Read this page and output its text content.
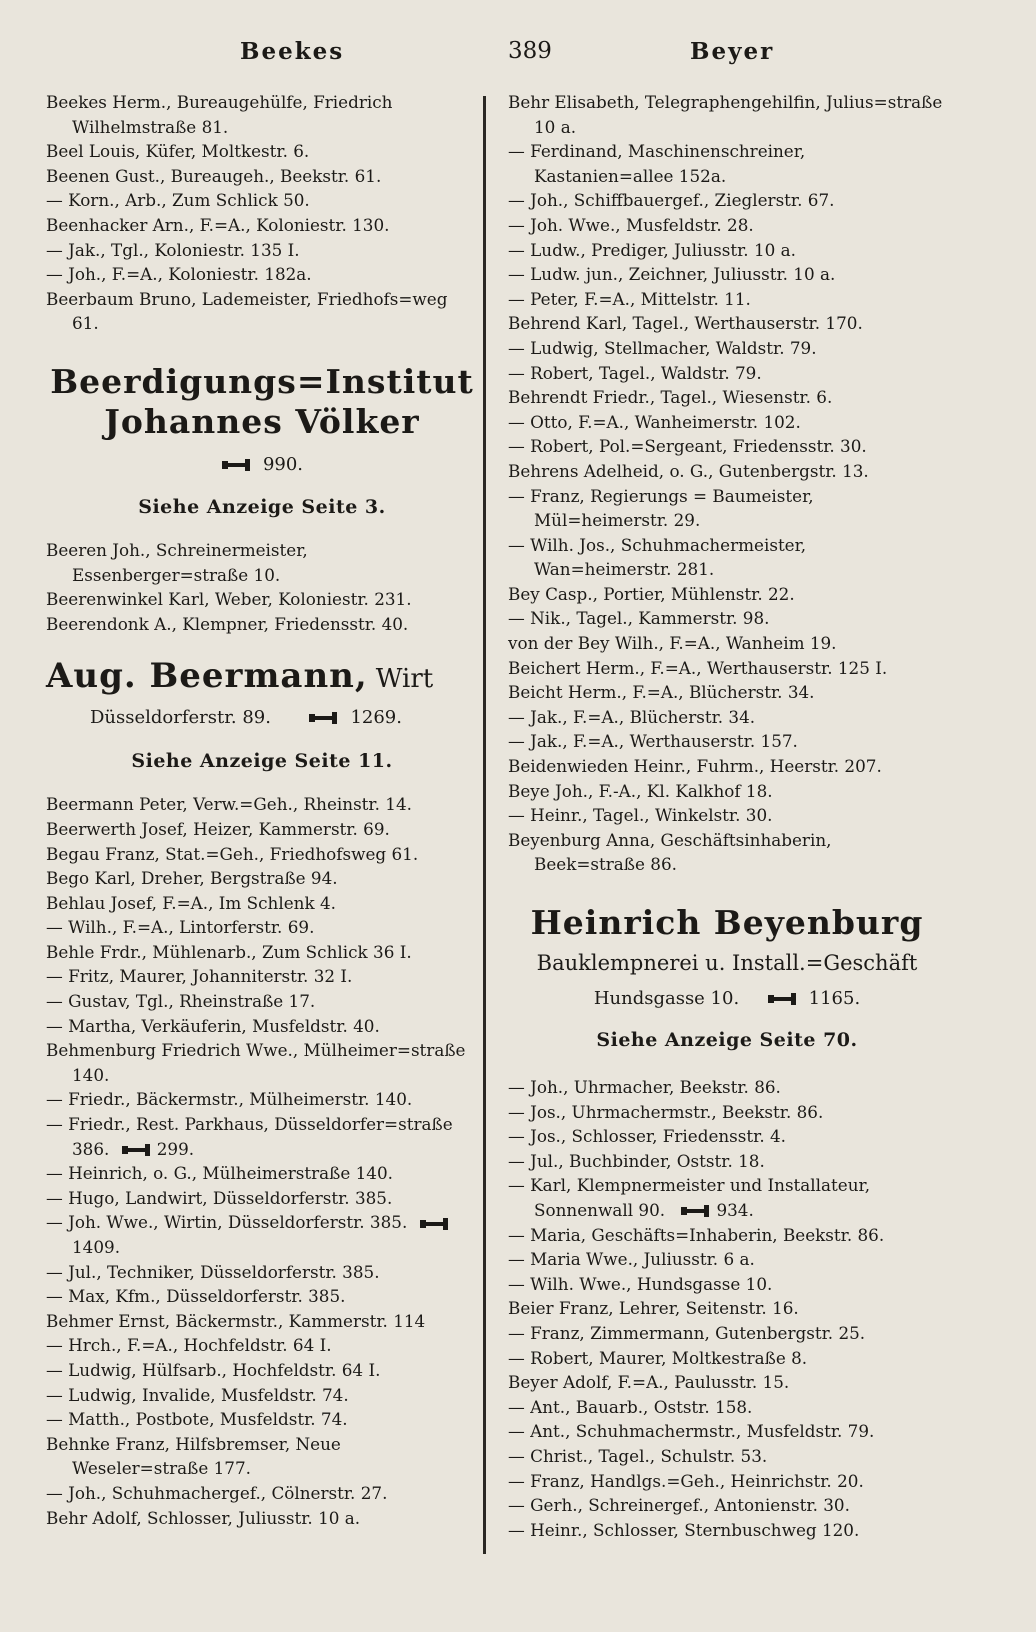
Beekes	389	Beyer
Beekes Herm., Bureaugehülfe, Friedrich Wilhelmstraße 81.
Beel Louis, Küfer, Moltkestr. 6.
Beenen Gust., Bureaugeh., Beekstr. 61.
— Korn., Arb., Zum Schlick 50.
Beenhacker Arn., F.=A., Koloniestr. 130.
— Jak., Tgl., Koloniestr. 135 I.
— Joh., F.=A., Koloniestr. 182a.
Beerbaum Bruno, Lademeister, Friedhofs=weg 61.
Beerdigungs=Institut
Johannes Völker
990.
Siehe Anzeige Seite 3.
Beeren Joh., Schreinermeister, Essenberger=straße 10.
Beerenwinkel Karl, Weber, Koloniestr. 231.
Beerendonk A., Klempner, Friedensstr. 40.
Aug. Beermann, Wirt
Düsseldorferstr. 89.	1269.
Siehe Anzeige Seite 11.
Beermann Peter, Verw.=Geh., Rheinstr. 14.
Beerwerth Josef, Heizer, Kammerstr. 69.
Begau Franz, Stat.=Geh., Friedhofsweg 61.
Bego Karl, Dreher, Bergstraße 94.
Behlau Josef, F.=A., Im Schlenk 4.
— Wilh., F.=A., Lintorferstr. 69.
Behle Frdr., Mühlenarb., Zum Schlick 36 I.
— Fritz, Maurer, Johanniterstr. 32 I.
— Gustav, Tgl., Rheinstraße 17.
— Martha, Verkäuferin, Musfeldstr. 40.
Behmenburg Friedrich Wwe., Mülheimer=straße 140.
— Friedr., Bäckermstr., Mülheimerstr. 140.
— Friedr., Rest. Parkhaus, Düsseldorfer=straße 386.	299.
— Heinrich, o. G., Mülheimerstraße 140.
— Hugo, Landwirt, Düsseldorferstr. 385.
— Joh. Wwe., Wirtin, Düsseldorferstr. 385. 1409.
— Jul., Techniker, Düsseldorferstr. 385.
— Max, Kfm., Düsseldorferstr. 385.
Behmer Ernst, Bäckermstr., Kammerstr. 114
— Hrch., F.=A., Hochfeldstr. 64 I.
— Ludwig, Hülfsarb., Hochfeldstr. 64 I.
— Ludwig, Invalide, Musfeldstr. 74.
— Matth., Postbote, Musfeldstr. 74.
Behnke Franz, Hilfsbremser, Neue Weseler=straße 177.
— Joh., Schuhmachergef., Cölnerstr. 27.
Behr Adolf, Schlosser, Juliusstr. 10 a.
Behr Elisabeth, Telegraphengehilfin, Julius=straße 10 a.
— Ferdinand, Maschinenschreiner, Kastanien=allee 152a.
— Joh., Schiffbauergef., Zieglerstr. 67.
— Joh. Wwe., Musfeldstr. 28.
— Ludw., Prediger, Juliusstr. 10 a.
— Ludw. jun., Zeichner, Juliusstr. 10 a.
— Peter, F.=A., Mittelstr. 11.
Behrend Karl, Tagel., Werthauserstr. 170.
— Ludwig, Stellmacher, Waldstr. 79.
— Robert, Tagel., Waldstr. 79.
Behrendt Friedr., Tagel., Wiesenstr. 6.
— Otto, F.=A., Wanheimerstr. 102.
— Robert, Pol.=Sergeant, Friedensstr. 30.
Behrens Adelheid, o. G., Gutenbergstr. 13.
— Franz, Regierungs = Baumeister, Mül=heimerstr. 29.
— Wilh. Jos., Schuhmachermeister, Wan=heimerstr. 281.
Bey Casp., Portier, Mühlenstr. 22.
— Nik., Tagel., Kammerstr. 98.
von der Bey Wilh., F.=A., Wanheim 19.
Beichert Herm., F.=A., Werthauserstr. 125 I.
Beicht Herm., F.=A., Blücherstr. 34.
— Jak., F.=A., Blücherstr. 34.
— Jak., F.=A., Werthauserstr. 157.
Beidenwieden Heinr., Fuhrm., Heerstr. 207.
Beye Joh., F.-A., Kl. Kalkhof 18.
— Heinr., Tagel., Winkelstr. 30.
Beyenburg Anna, Geschäftsinhaberin, Beek=straße 86.
Heinrich Beyenburg
Bauklempnerei u. Install.=Geschäft
Hundsgasse 10.	1165.
Siehe Anzeige Seite 70.
— Joh., Uhrmacher, Beekstr. 86.
— Jos., Uhrmachermstr., Beekstr. 86.
— Jos., Schlosser, Friedensstr. 4.
— Jul., Buchbinder, Oststr. 18.
— Karl, Klempnermeister und Installateur, Sonnenwall 90.	934.
— Maria, Geschäfts=Inhaberin, Beekstr. 86.
— Maria Wwe., Juliusstr. 6 a.
— Wilh. Wwe., Hundsgasse 10.
Beier Franz, Lehrer, Seitenstr. 16.
— Franz, Zimmermann, Gutenbergstr. 25.
— Robert, Maurer, Moltkestraße 8.
Beyer Adolf, F.=A., Paulusstr. 15.
— Ant., Bauarb., Oststr. 158.
— Ant., Schuhmachermstr., Musfeldstr. 79.
— Christ., Tagel., Schulstr. 53.
— Franz, Handlgs.=Geh., Heinrichstr. 20.
— Gerh., Schreinergef., Antonienstr. 30.
— Heinr., Schlosser, Sternbuschweg 120.
